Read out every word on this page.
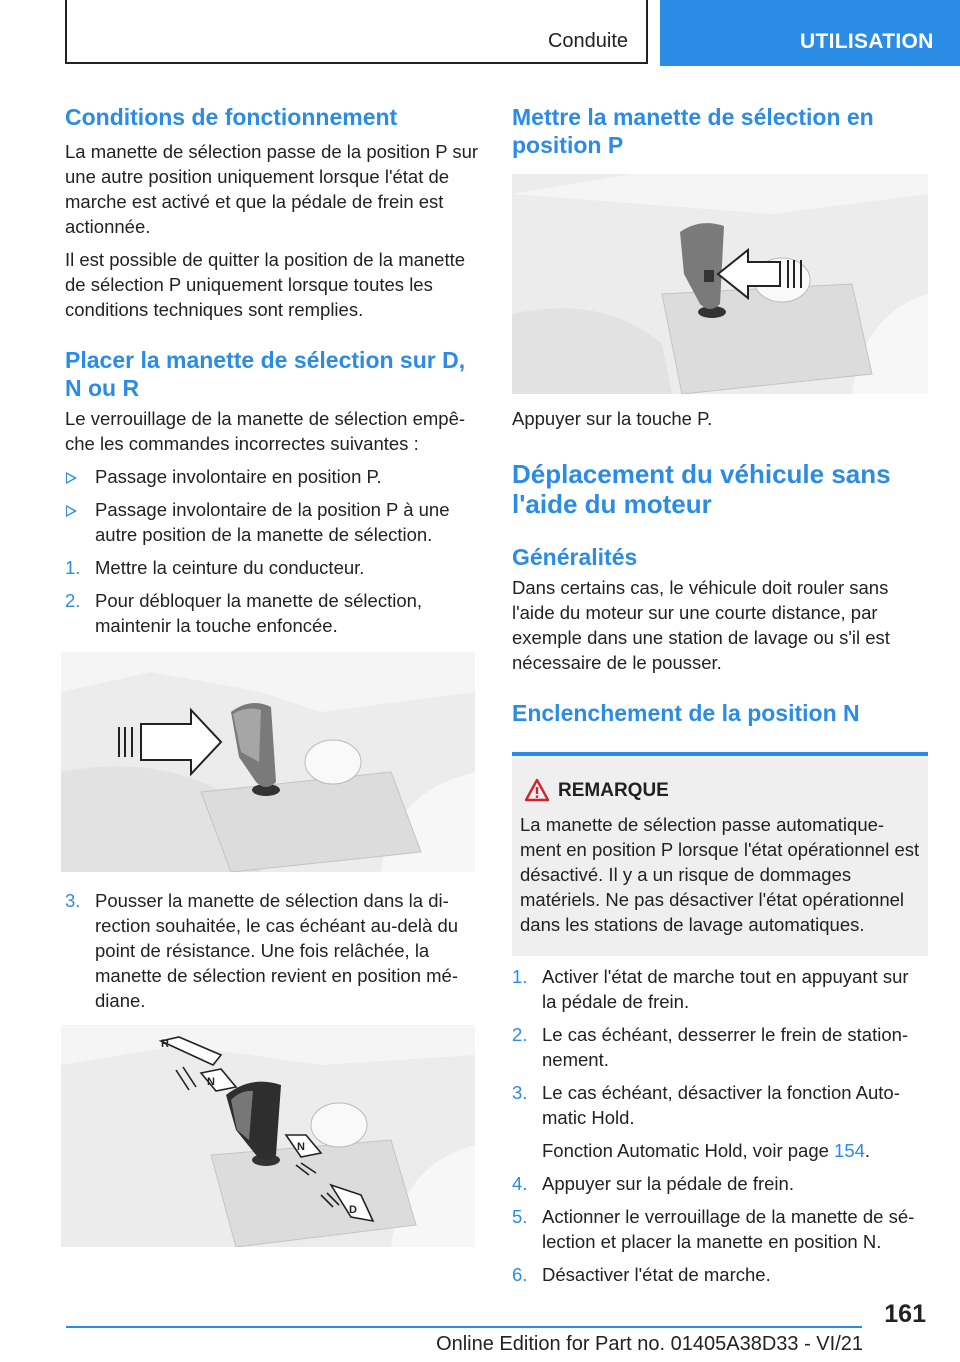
Conduite	UTILISATION
Conditions de fonctionnement

La manette de sélection passe de la position P sur une autre position uniquement lorsque l'état de marche est activé et que la pédale de frein est actionnée.

Il est possible de quitter la position de la manette de sélection P uniquement lorsque toutes les conditions techniques sont remplies.

Placer la manette de sélection sur D, N ou R

Le verrouillage de la manette de sélection empê-che les commandes incorrectes suivantes :

Passage involontaire en position P.
Passage involontaire de la position P à une autre position de la manette de sélection.
1. Mettre la ceinture du conducteur.
2. Pour débloquer la manette de sélection, maintenir la touche enfoncée.
3. Pousser la manette de sélection dans la di-rection souhaitée, le cas échéant au-delà du point de résistance. Une fois relâchée, la manette de sélection revient en position mé-diane.
R
N
N
D
Mettre la manette de sélection en position P

Appuyer sur la touche P.

Déplacement du véhicule sans l'aide du moteur
Généralités

Dans certains cas, le véhicule doit rouler sans l'aide du moteur sur une courte distance, par exemple dans une station de lavage ou s'il est nécessaire de le pousser.

Enclenchement de la position N
REMARQUE

La manette de sélection passe automatique-ment en position P lorsque l'état opérationnel est désactivé. Il y a un risque de dommages matériels. Ne pas désactiver l'état opérationnel dans les stations de lavage automatiques.

1. Activer l'état de marche tout en appuyant sur la pédale de frein.
2. Le cas échéant, desserrer le frein de station-nement.
3. Le cas échéant, désactiver la fonction Auto-matic Hold.
Fonction Automatic Hold, voir page 154.
4. Appuyer sur la pédale de frein.
5. Actionner le verrouillage de la manette de sé-lection et placer la manette en position N.
6. Désactiver l'état de marche.
161
Online Edition for Part no. 01405A38D33 - VI/21
